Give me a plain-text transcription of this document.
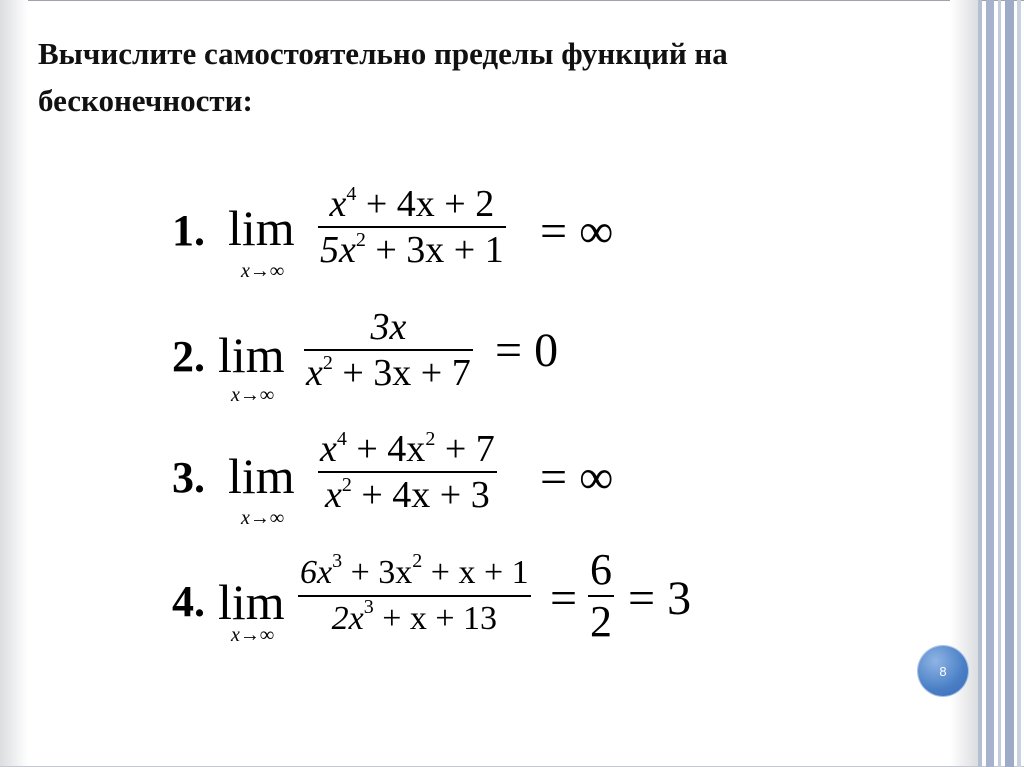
Вычислите самостоятельно пределы функций на бесконечности:
1. lim
x→∞
$x^4 + 4x + 2$
$5x^2 + 3x + 1$ = ∞
2. lim
x→∞
3x
$x^2 + 3x + 7 = 0$
3. lim
x→∞
$x^4 + 4x^2 + 7$
$x^2 + 4x + 3$ = ∞
4. lim
x→∞
$6x^3 + 3x^2 + x + 1$
$2x^3 + x + 13$ =
6
2 = 3
8
